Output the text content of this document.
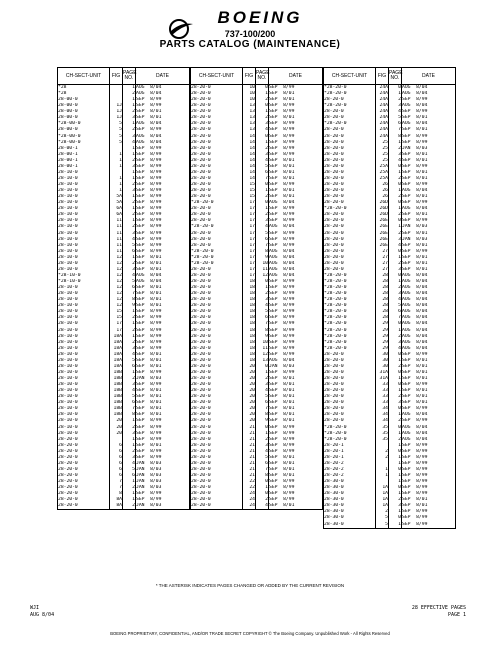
BOEING
737-100/200
PARTS CATALOG (MAINTENANCE)
CH-SECT-UNIT	FIG	PAGE NO.	DATE
*28		1	AUG  8/04
*28		2	AUG  8/04
28-00-0		1	SEP  8/99
28-00-0	1J	1	SEP  8/99
28-00-0	1J	2	SEP  8/01
28-00-0	1J	3	SEP  8/01
*28-00-0	5	1	AUG  8/04
28-00-0	5	2	SEP  8/99
*28-00-0	5	3	AUG  8/04
*28-00-0	5	4	AUG  8/04
28-00-1		1	SEP  8/99
28-00-1	1	1	SEP  8/99
28-00-1	1	2	SEP  8/99
28-00-1	1	3	SEP  8/99
28-10-0		1	SEP  8/99
28-10-0	1	1	SEP  8/99
28-10-0	1	2	SEP  8/99
28-10-0	1	3	SEP  8/99
28-10-0	5A	1	SEP  8/99
28-10-0	5A	2	SEP  8/99
28-10-0	6A	1	SEP  8/99
28-10-0	6A	2	SEP  8/99
28-10-0	11	1	SEP  8/99
28-10-0	11	2	SEP  8/99
28-10-0	11	3	SEP  8/99
28-10-0	11	4	SEP  8/99
28-10-0	11	5	SEP  8/99
28-10-0	11	6	SEP  8/99
28-10-0	12	1	SEP  8/01
28-10-0	12	2	SEP  8/01
28-10-0	12	3	SEP  8/01
*28-10-0	12	4	AUG  8/04
*28-10-0	12	5	AUG  8/04
28-10-0	12	6	SEP  8/01
28-10-0	12	7	SEP  8/01
28-10-0	12	8	SEP  8/01
28-10-0	12	9	SEP  8/01
28-10-0	15	1	SEP  8/99
28-10-0	15	2	SEP  8/99
28-10-0	17	1	SEP  8/99
28-10-0	17	2	SEP  8/99
28-10-0	18A	1	SEP  8/99
28-10-0	18A	2	SEP  8/99
28-10-0	18A	3	SEP  8/99
28-10-0	18A	4	SEP  8/01
28-10-0	18A	5	SEP  8/01
28-10-0	18A	6	SEP  8/01
28-10-0	18B	1	SEP  8/99
28-10-0	18B	2	JAN  8/03
28-10-0	18B	3	SEP  8/99
28-10-0	18B	4	SEP  8/01
28-10-0	18B	5	SEP  8/01
28-10-0	18B	6	SEP  8/01
28-10-0	18B	7	SEP  8/01
28-10-0	18B	8	SEP  8/01
28-10-0	20	1	SEP  8/99
28-10-0	20	2	SEP  8/99
28-10-0	20	3	SEP  8/99
28-20-0		1	SEP  8/99
28-20-0	6	1	SEP  8/01
28-20-0	6	2	SEP  8/99
28-20-0	6	3	SEP  8/99
28-20-0	6	4	JAN  8/03
28-20-0	6	5	JAN  8/03
28-20-0	6	6	JAN  8/03
28-20-0	7	1	JAN  8/03
28-20-0	7	2	JAN  8/03
28-20-0	8	1	SEP  8/99
28-20-0	8A	1	SEP  8/99
28-20-0	8A	2	JAN  8/03
CH-SECT-UNIT	FIG	PAGE NO.	DATE
28-20-0	10	0	SEP  8/99
28-20-0	10	1	SEP  8/01
28-20-0	10	2	SEP  8/01
28-20-0	13	0	SEP  8/99
28-20-0	13	1	SEP  8/99
28-20-0	13	2	SEP  8/01
28-20-0	13	3	SEP  8/99
28-20-0	13	4	SEP  8/99
28-20-0	14	0	SEP  8/99
28-20-0	14	1	SEP  8/99
28-20-0	14	2	SEP  8/99
28-20-0	14	3	SEP  8/99
28-20-0	14	4	SEP  8/01
28-20-0	14	5	SEP  8/01
28-20-0	14	6	SEP  8/01
28-20-0	14	7	SEP  8/01
28-20-0	15	0	SEP  8/99
28-20-0	15	1	SEP  8/01
28-20-0	15	2	SEP  8/01
*28-20-0	17	0	AUG  8/04
28-20-0	17	1	SEP  8/99
28-20-0	17	2	SEP  8/99
28-20-0	17	3	SEP  8/99
*28-20-0	17	4	AUG  8/04
28-20-0	17	5	SEP  8/99
28-20-0	17	6	SEP  8/99
28-20-0	17	7	SEP  8/99
*28-20-0	17	8	AUG  8/04
*28-20-0	17	9	AUG  8/04
*28-20-0	17	10	AUG  8/04
28-20-0	17	11	AUG  8/04
28-20-0	17	12	AUG  8/04
28-20-0	18	0	SEP  8/99
28-20-0	18	1	SEP  8/99
28-20-0	18	2	SEP  8/99
28-20-0	18	3	SEP  8/99
28-20-0	18	4	SEP  8/99
28-20-0	18	5	SEP  8/99
28-20-0	18	6	SEP  8/99
28-20-0	18	7	SEP  8/99
28-20-0	18	8	SEP  8/99
28-20-0	18	9	SEP  8/99
28-20-0	18	10	SEP  8/99
28-20-0	18	11	SEP  8/99
28-20-0	18	12	SEP  8/99
28-20-0	18	13	AUG  8/04
28-20-0	20	0	JAN  8/03
28-20-0	20	1	SEP  8/99
28-20-0	20	2	SEP  8/01
28-20-0	20	3	SEP  8/01
28-20-0	20	4	SEP  8/01
28-20-0	20	5	SEP  8/01
28-20-0	20	6	SEP  8/01
28-20-0	20	7	SEP  8/01
28-20-0	20	8	SEP  8/01
28-20-0	20	9	SEP  8/01
28-20-0	21	0	SEP  8/99
28-20-0	21	1	SEP  8/99
28-20-0	21	2	SEP  8/99
28-20-0	21	3	SEP  8/99
28-20-0	21	4	SEP  8/99
28-20-0	21	5	SEP  8/01
28-20-0	21	6	SEP  8/01
28-20-0	21	7	SEP  8/01
28-20-0	21	8	SEP  8/01
28-20-0	22	0	SEP  8/99
28-20-0	22	1	SEP  8/99
28-20-0	24	0	SEP  8/99
28-20-0	24	2	SEP  8/99
28-20-0	24	4	SEP  8/01
CH-SECT-UNIT	FIG	PAGE NO.	DATE
*28-20-0	24A	0	AUG  8/04
*28-20-0	24A	1	AUG  8/04
28-20-0	24A	2	SEP  8/99
*28-20-0	24A	3	AUG  8/04
28-20-0	24A	4	SEP  8/99
28-20-0	24A	5	SEP  8/01
*28-20-0	24A	6	AUG  8/04
28-20-0	24A	7	SEP  8/01
28-20-0	24A	8	SEP  8/99
28-20-0	25	1	SEP  8/99
28-20-0	25	2	JAN  8/03
28-20-0	25	3	SEP  8/01
28-20-0	25	4	SEP  8/01
28-20-0	25A	0	SEP  8/99
28-20-0	25A	1	SEP  8/01
28-20-0	25A	2	SEP  8/01
28-20-0	26	0	SEP  8/99
28-20-0	26	1	AUG  8/04
28-20-0	26	2	SEP  8/01
28-20-0	26D	0	SEP  8/99
*28-20-0	26D	1	AUG  8/04
28-20-0	26D	2	SEP  8/01
28-20-0	26E	0	SEP  8/99
28-20-0	26E	1	JAN  8/03
28-20-0	26E	2	SEP  8/01
28-20-0	26E	3	JAN  8/03
28-20-0	26E	4	SEP  8/01
28-20-0	27	0	SEP  8/99
28-20-0	27	1	SEP  8/01
28-20-0	27	2	SEP  8/01
28-20-0	27	3	SEP  8/01
*28-20-0	28	0	AUG  8/04
*28-20-0	28	1	AUG  8/04
*28-20-0	28	2	AUG  8/04
*28-20-0	28	3	AUG  8/04
*28-20-0	28	4	AUG  8/04
*28-20-0	28	5	AUG  8/04
*28-20-0	28	6	AUG  8/04
*28-20-0	28	7	AUG  8/04
*28-20-0	29	0	AUG  8/04
*28-20-0	29	1	AUG  8/04
*28-20-0	29	2	AUG  8/04
*28-20-0	29	3	AUG  8/04
*28-20-0	29	4	AUG  8/04
28-20-0	30	0	SEP  8/99
28-20-0	30	1	SEP  8/01
28-20-0	30	2	SEP  8/01
28-20-0	31A	0	SEP  8/01
28-20-0	31A	1	SEP  8/01
28-20-0	33	0	SEP  8/99
28-20-0	33	1	SEP  8/01
28-20-0	33	2	SEP  8/01
28-20-0	33	3	SEP  8/01
28-20-0	34	0	SEP  8/99
28-20-0	34	1	AUG  8/04
28-20-0	34	2	SEP  8/99
*28-20-0	35	0	AUG  8/04
*28-20-0	35	1	AUG  8/04
*28-20-0	35	2	AUG  8/04
28-20-1		1	SEP  8/99
28-20-1	2	0	SEP  8/99
28-20-1	2	1	SEP  8/99
28-20-2		1	SEP  8/99
28-20-2	1	0	SEP  8/99
28-20-2	1	1	SEP  8/99
28-30-0		1	SEP  8/99
28-30-0	1A	0	SEP  8/99
28-30-0	1A	1	SEP  8/99
28-30-0	1A	2	SEP  8/01
28-30-0	1A	3	SEP  8/01
28-30-0	2	1	SEP  8/99
28-30-0	5	0	SEP  8/99
28-30-0	5	1	SEP  8/99
* THE ASTERISK INDICATES PAGES CHANGED OR ADDED BY THE CURRENT REVISION
WJI
AUG 8/04
28 EFFECTIVE PAGES
PAGE 1
BOEING PROPRIETARY, CONFIDENTIAL, AND/OR TRADE SECRET COPYRIGHT © The Boeing Company. Unpublished Work - All Rights Reserved
